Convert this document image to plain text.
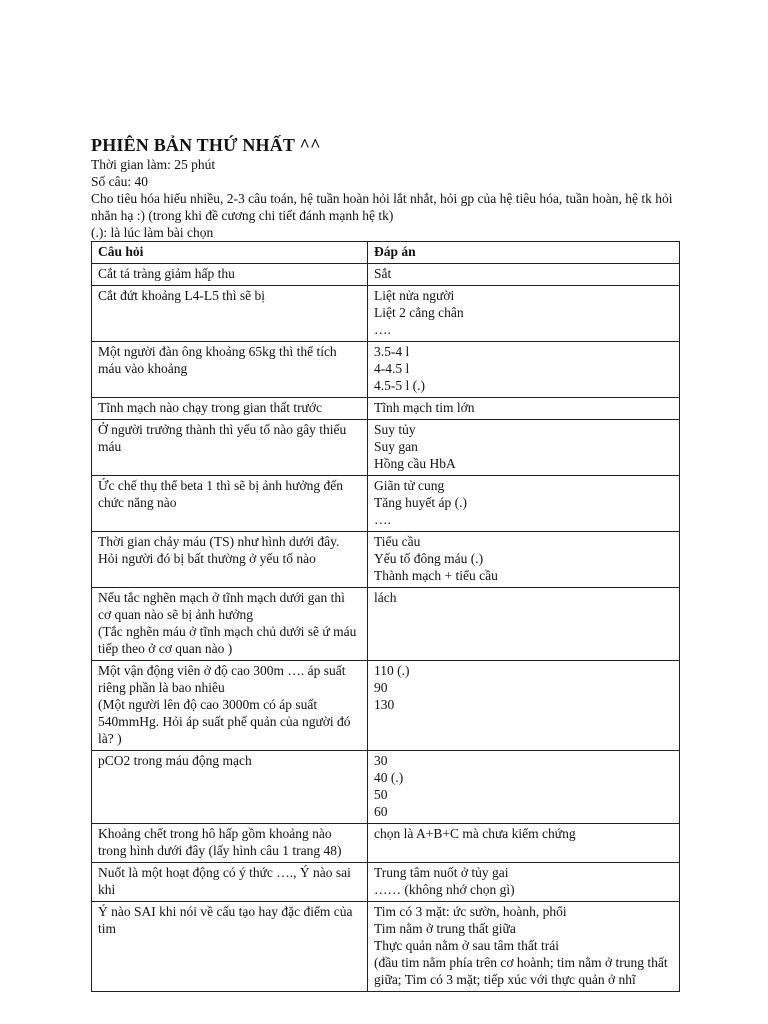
PHIÊN BẢN THỨ NHẤT ^^
Thời gian làm: 25 phút
Số câu: 40
Cho tiêu hóa hiểu nhiều, 2-3 câu toán, hệ tuần hoàn hỏi lắt nhắt, hỏi gp của hệ tiêu hóa, tuần hoàn, hệ tk hỏi nhăn hạ :) (trong khi đề cương chi tiết đánh mạnh hệ tk)
(.): là lúc làm bài chọn
Câu hỏi	Đáp án

Cắt tá tràng giảm hấp thu	Sắt

Cắt đứt khoảng L4-L5 thì sẽ bị	Liệt nửa người
Liệt 2 cẳng chân
….

Một người đàn ông khoảng 65kg thì thể tích máu vào khoảng	3.5-4 l
4-4.5 l
4.5-5 l (.)

Tĩnh mạch nào chạy trong gian thất trước	Tĩnh mạch tim lớn

Ở người trưởng thành thì yếu tố nào gây thiếu máu	Suy tủy
Suy gan
Hồng cầu HbA

Ức chế thụ thể beta 1 thì sẽ bị ảnh hưởng đến chức năng nào	Giãn tử cung
Tăng huyết áp (.)
….

Thời gian chảy máu (TS) như hình dưới đây. Hỏi người đó bị bất thường ở yếu tố nào	Tiểu cầu
Yếu tố đông máu (.)
Thành mạch + tiểu cầu

Nếu tắc nghẽn mạch ở tĩnh mạch dưới gan thì cơ quan nào sẽ bị ảnh hưởng
(Tắc nghẽn máu ở tĩnh mạch chủ dưới sẽ ứ máu tiếp theo ở cơ quan nào )	lách

Một vận động viên ở độ cao 300m …. áp suất riêng phần là bao nhiêu
(Một người lên độ cao 3000m có áp suất 540mmHg. Hỏi áp suất phế quản của người đó là? )	110 (.)
90
130

pCO2 trong máu động mạch	30
40 (.)
50
60

Khoảng chết trong hô hấp gồm khoảng nào trong hình dưới đây (lấy hình câu 1 trang 48)	chọn là A+B+C mà chưa kiểm chứng

Nuốt là một hoạt động có ý thức …., Ý nào sai khi	Trung tâm nuốt ở tủy gai
…… (không nhớ chọn gì)

Ý nào SAI khi nói về cấu tạo hay đặc điểm của tim	Tim có 3 mặt: ức sườn, hoành, phổi
Tim nằm ở trung thất giữa
Thực quản nằm ở sau tâm thất trái
(đầu tim nằm phía trên cơ hoành; tim nằm ở trung thất giữa; Tim có 3 mặt; tiếp xúc với thực quản ở nhĩ
